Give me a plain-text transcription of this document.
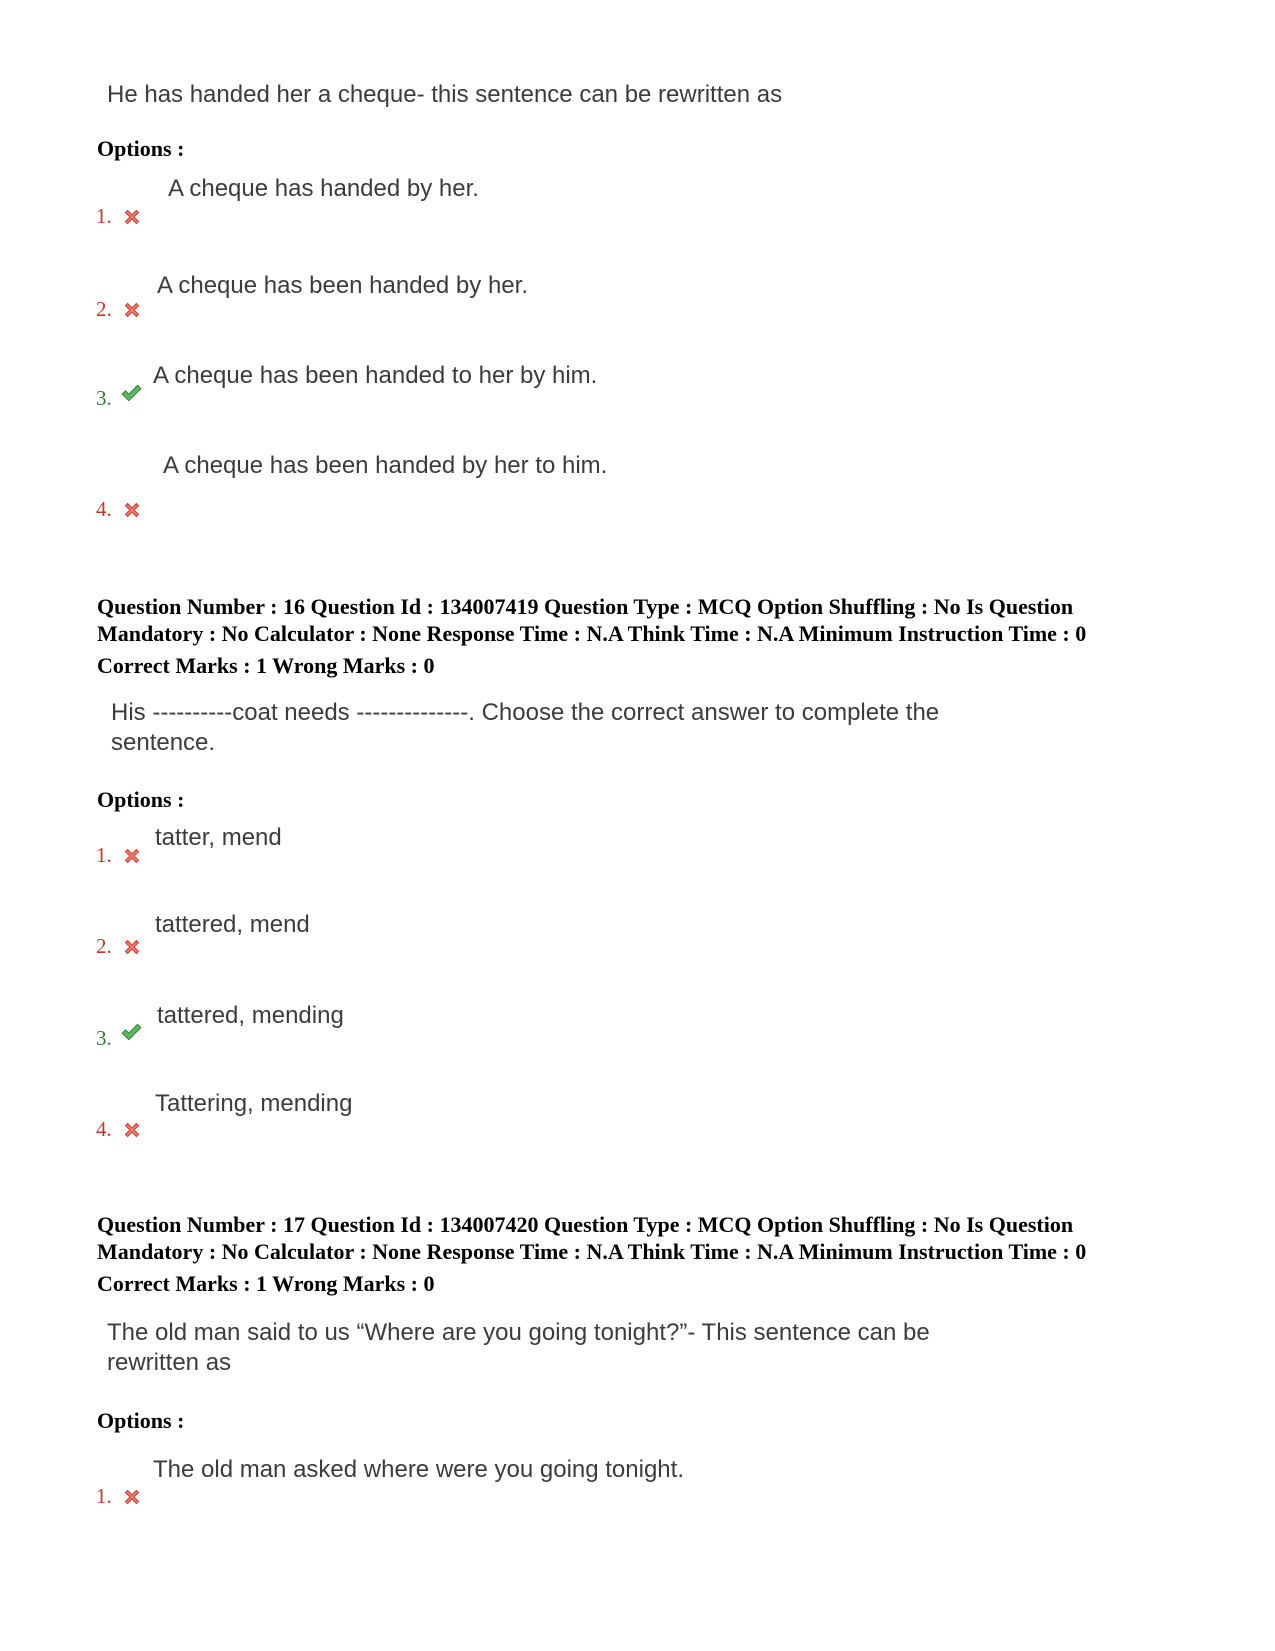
He has handed her a cheque- this sentence can be rewritten as
Options :
A cheque has handed by her.
1.
A cheque has been handed by her.
2.
A cheque has been handed to her by him.
3.
A cheque has been handed by her to him.
4.
Question Number : 16 Question Id : 134007419 Question Type : MCQ Option Shuffling : No Is Question
Mandatory : No Calculator : None Response Time : N.A Think Time : N.A Minimum Instruction Time : 0
Correct Marks : 1 Wrong Marks : 0
His ----------coat needs --------------. Choose the correct answer to complete the
sentence.
Options :
tatter, mend
1.
tattered, mend
2.
tattered, mending
3.
Tattering, mending
4.
Question Number : 17 Question Id : 134007420 Question Type : MCQ Option Shuffling : No Is Question
Mandatory : No Calculator : None Response Time : N.A Think Time : N.A Minimum Instruction Time : 0
Correct Marks : 1 Wrong Marks : 0
The old man said to us “Where are you going tonight?”- This sentence can be
rewritten as
Options :
The old man asked where were you going tonight.
1.
